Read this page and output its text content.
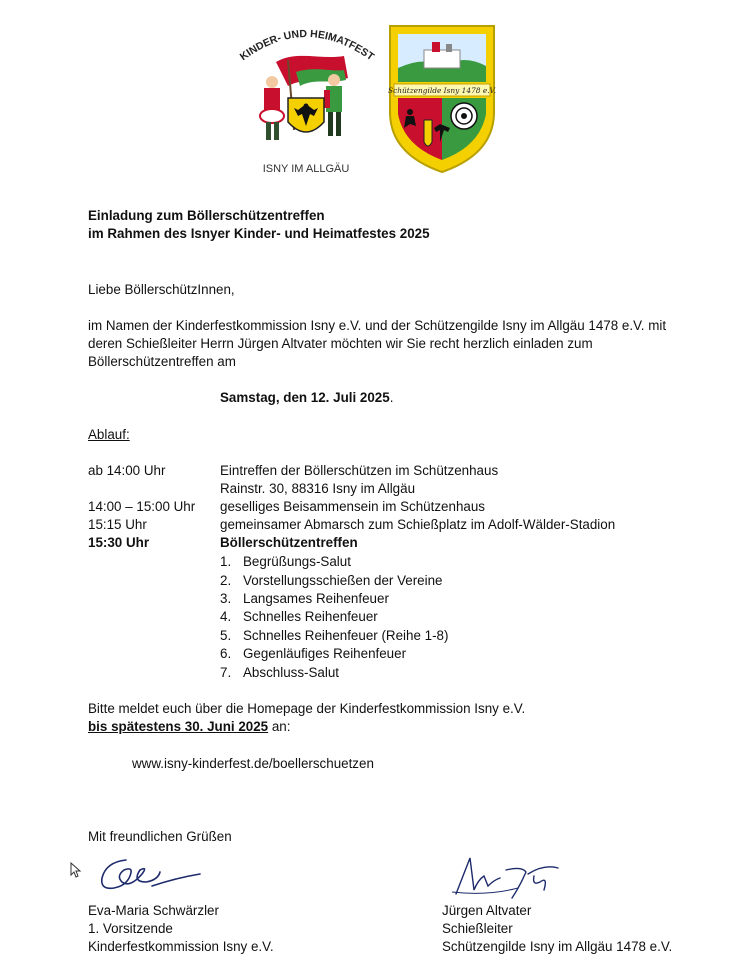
KINDER- UND HEIMATFEST
ISNY IM ALLGÄU
Schützengilde Isny 1478 e.V.
Einladung zum Böllerschützentreffen
im Rahmen des Isnyer Kinder- und Heimatfestes 2025
Liebe BöllerschützInnen,
im Namen der Kinderfestkommission Isny e.V. und der Schützengilde Isny im Allgäu 1478 e.V. mit
deren Schießleiter Herrn Jürgen Altvater möchten wir Sie recht herzlich einladen zum
Böllerschützentreffen am
Samstag, den 12. Juli 2025.
Ablauf:
ab 14:00 Uhr	Eintreffen der Böllerschützen im Schützenhaus
Rainstr. 30, 88316 Isny im Allgäu
14:00 – 15:00 Uhr geselliges Beisammensein im Schützenhaus
15:15 Uhr	gemeinsamer Abmarsch zum Schießplatz im Adolf-Wälder-Stadion
15:30 Uhr	Böllerschützentreffen
1. Begrüßungs-Salut
2. Vorstellungsschießen der Vereine
3. Langsames Reihenfeuer
4. Schnelles Reihenfeuer
5. Schnelles Reihenfeuer (Reihe 1-8)
6. Gegenläufiges Reihenfeuer
7. Abschluss-Salut
Bitte meldet euch über die Homepage der Kinderfestkommission Isny e.V.
bis spätestens 30. Juni 2025 an:
www.isny-kinderfest.de/boellerschuetzen
Mit freundlichen Grüßen
Eva-Maria Schwärzler
1. Vorsitzende
Kinderfestkommission Isny e.V.
Jürgen Altvater
Schießleiter
Schützengilde Isny im Allgäu 1478 e.V.
